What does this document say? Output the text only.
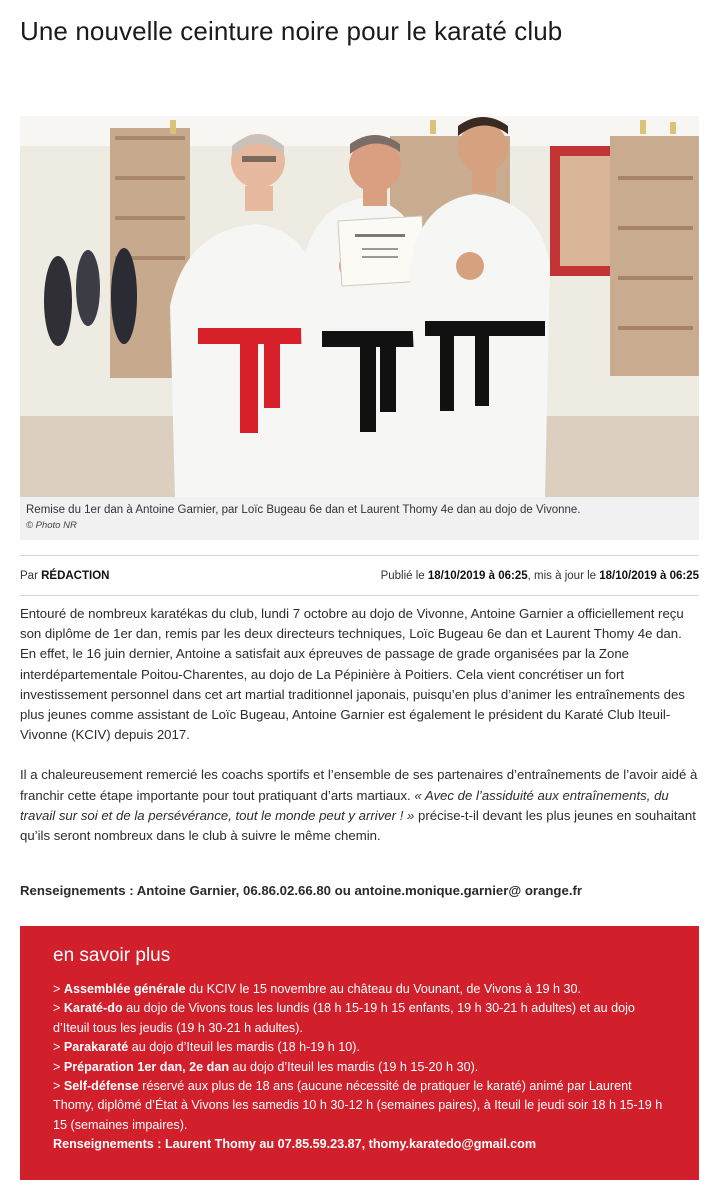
Une nouvelle ceinture noire pour le karaté club
Remise du 1er dan à Antoine Garnier, par Loïc Bugeau 6e dan et Laurent Thomy 4e dan au dojo de Vivonne.
© Photo NR
Par RÉDACTION	Publié le 18/10/2019 à 06:25, mis à jour le 18/10/2019 à 06:25

Entouré de nombreux karatékas du club, lundi 7 octobre au dojo de Vivonne, Antoine Garnier a officiellement reçu son diplôme de 1er dan, remis par les deux directeurs techniques, Loïc Bugeau 6e dan et Laurent Thomy 4e dan. En effet, le 16 juin dernier, Antoine a satisfait aux épreuves de passage de grade organisées par la Zone interdépartementale Poitou-Charentes, au dojo de La Pépinière à Poitiers. Cela vient concrétiser un fort investissement personnel dans cet art martial traditionnel japonais, puisqu’en plus d’animer les entraînements des plus jeunes comme assistant de Loïc Bugeau, Antoine Garnier est également le président du Karaté Club Iteuil-Vivonne (KCIV) depuis 2017.

Il a chaleureusement remercié les coachs sportifs et l’ensemble de ses partenaires d’entraînements de l’avoir aidé à franchir cette étape importante pour tout pratiquant d’arts martiaux. « Avec de l’assiduité aux entraînements, du travail sur soi et de la persévérance, tout le monde peut y arriver ! » précise-t-il devant les plus jeunes en souhaitant qu’ils seront nombreux dans le club à suivre le même chemin.

Renseignements : Antoine Garnier, 06.86.02.66.80 ou antoine.monique.garnier@ orange.fr
en savoir plus
> Assemblée générale du KCIV le 15 novembre au château du Vounant, de Vivons à 19 h 30.
> Karaté-do au dojo de Vivons tous les lundis (18 h 15-19 h 15 enfants, 19 h 30-21 h adultes) et au dojo d’Iteuil tous les jeudis (19 h 30-21 h adultes).
> Parakaraté au dojo d’Iteuil les mardis (18 h-19 h 10).
> Préparation 1er dan, 2e dan au dojo d’Iteuil les mardis (19 h 15-20 h 30).
> Self-défense réservé aux plus de 18 ans (aucune nécessité de pratiquer le karaté) animé par Laurent Thomy, diplômé d’État à Vivons les samedis 10 h 30-12 h (semaines paires), à Iteuil le jeudi soir 18 h 15-19 h 15 (semaines impaires).
Renseignements : Laurent Thomy au 07.85.59.23.87, thomy.karatedo@gmail.com
